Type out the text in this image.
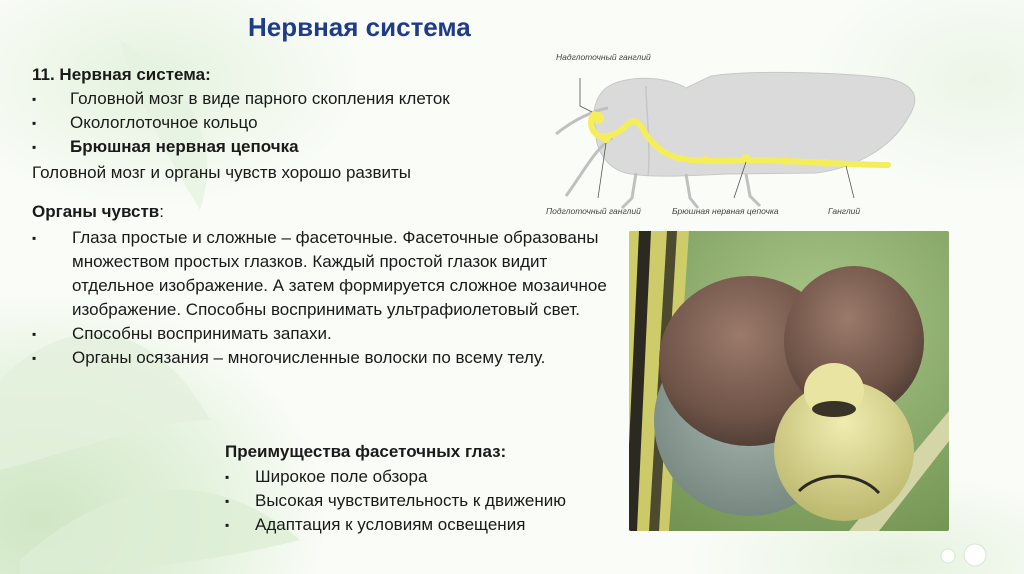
Нервная система
11. Нервная система:
▪	Головной мозг в виде парного скопления клеток
▪	Окологлоточное кольцо
▪	Брюшная нервная цепочка
Головной мозг и органы чувств хорошо развиты
Надглоточный ганглий
Подглоточный ганглий	Брюшная нервная цепочка	Ганглий
Органы чувств:
▪	Глаза простые и сложные – фасеточные. Фасеточные образованы множеством простых глазков. Каждый простой глазок видит отдельное изображение. А затем формируется сложное мозаичное изображение. Способны воспринимать ультрафиолетовый свет.
▪	Способны воспринимать запахи.
▪	Органы осязания – многочисленные волоски по всему телу.
Преимущества фасеточных глаз:
▪	Широкое поле обзора
▪	Высокая чувствительность к движению
▪	Адаптация к условиям освещения
